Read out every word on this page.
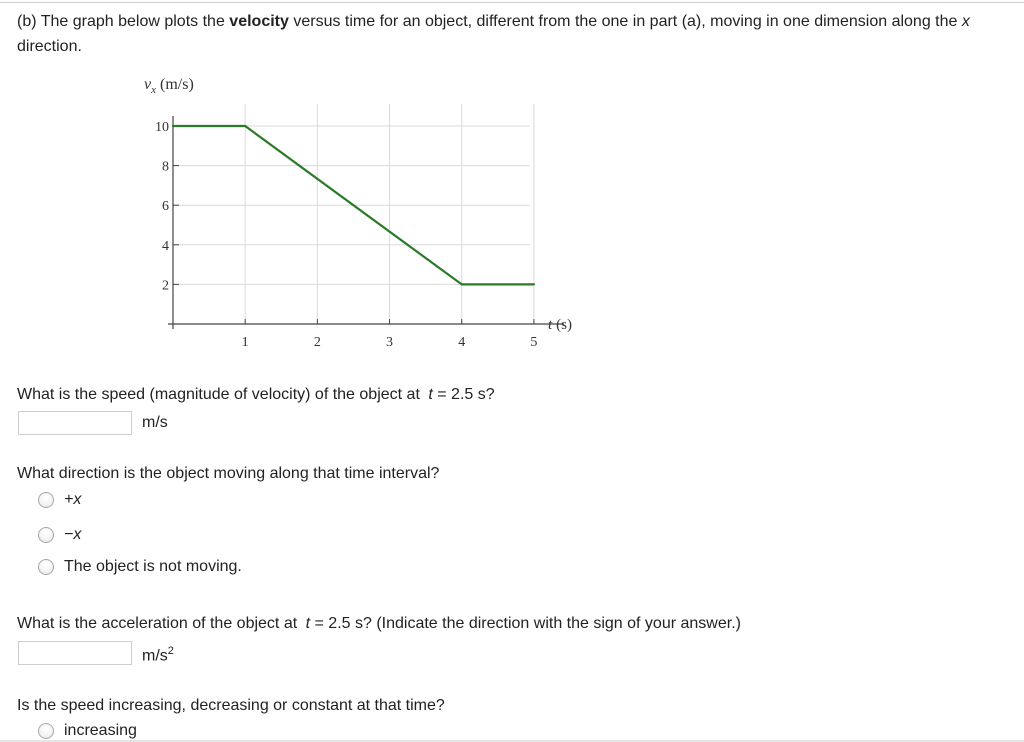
(b) The graph below plots the velocity versus time for an object, different from the one in part (a), moving in one dimension along the x direction.
2
4
6
8
10
1	2	3	4	5
$v_x$ (m/s)
t (s)
What is the speed (magnitude of velocity) of the object at t = 2.5 s?
m/s
What direction is the object moving along that time interval?
+x
−x
The object is not moving.
What is the acceleration of the object at t = 2.5 s? (Indicate the direction with the sign of your answer.)
$m/s^2$
Is the speed increasing, decreasing or constant at that time?
increasing
